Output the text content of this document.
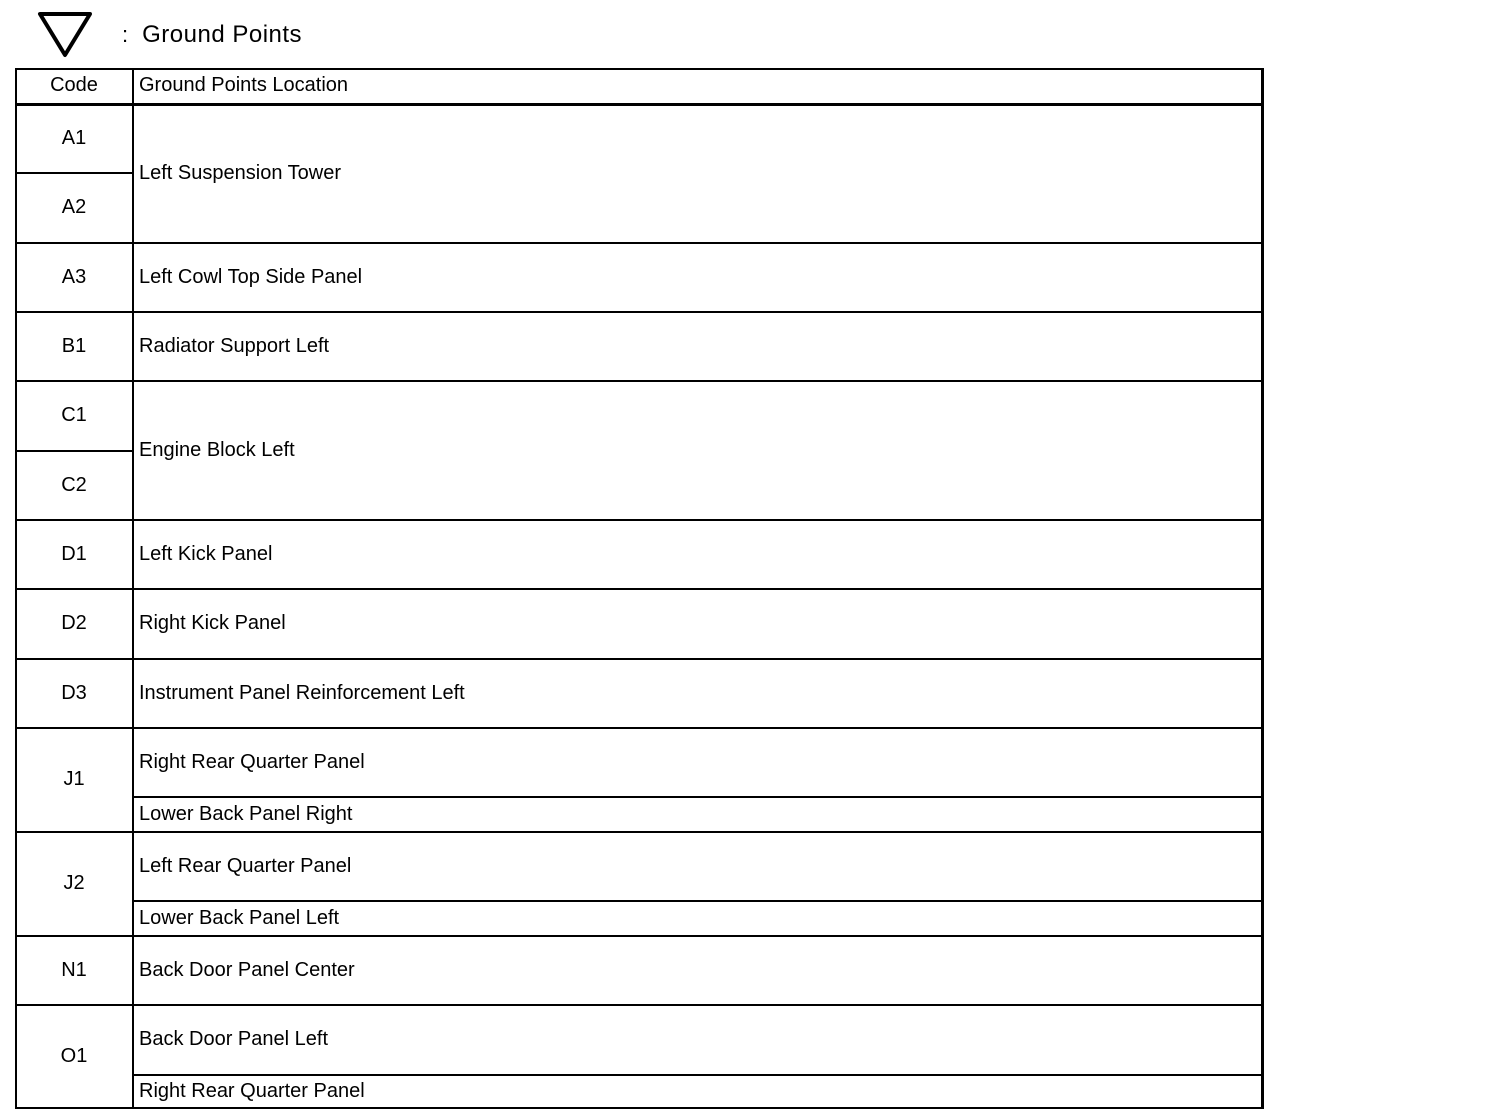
: Ground Points
Code	Ground Points Location
A1
A2
A3
B1
C1
C2
D1
D2
D3
J1
J2
N1
O1
Left Suspension Tower
Left Cowl Top Side Panel
Radiator Support Left
Engine Block Left
Left Kick Panel
Right Kick Panel
Instrument Panel Reinforcement Left
Right Rear Quarter Panel
Lower Back Panel Right
Left Rear Quarter Panel
Lower Back Panel Left
Back Door Panel Center
Back Door Panel Left
Right Rear Quarter Panel
